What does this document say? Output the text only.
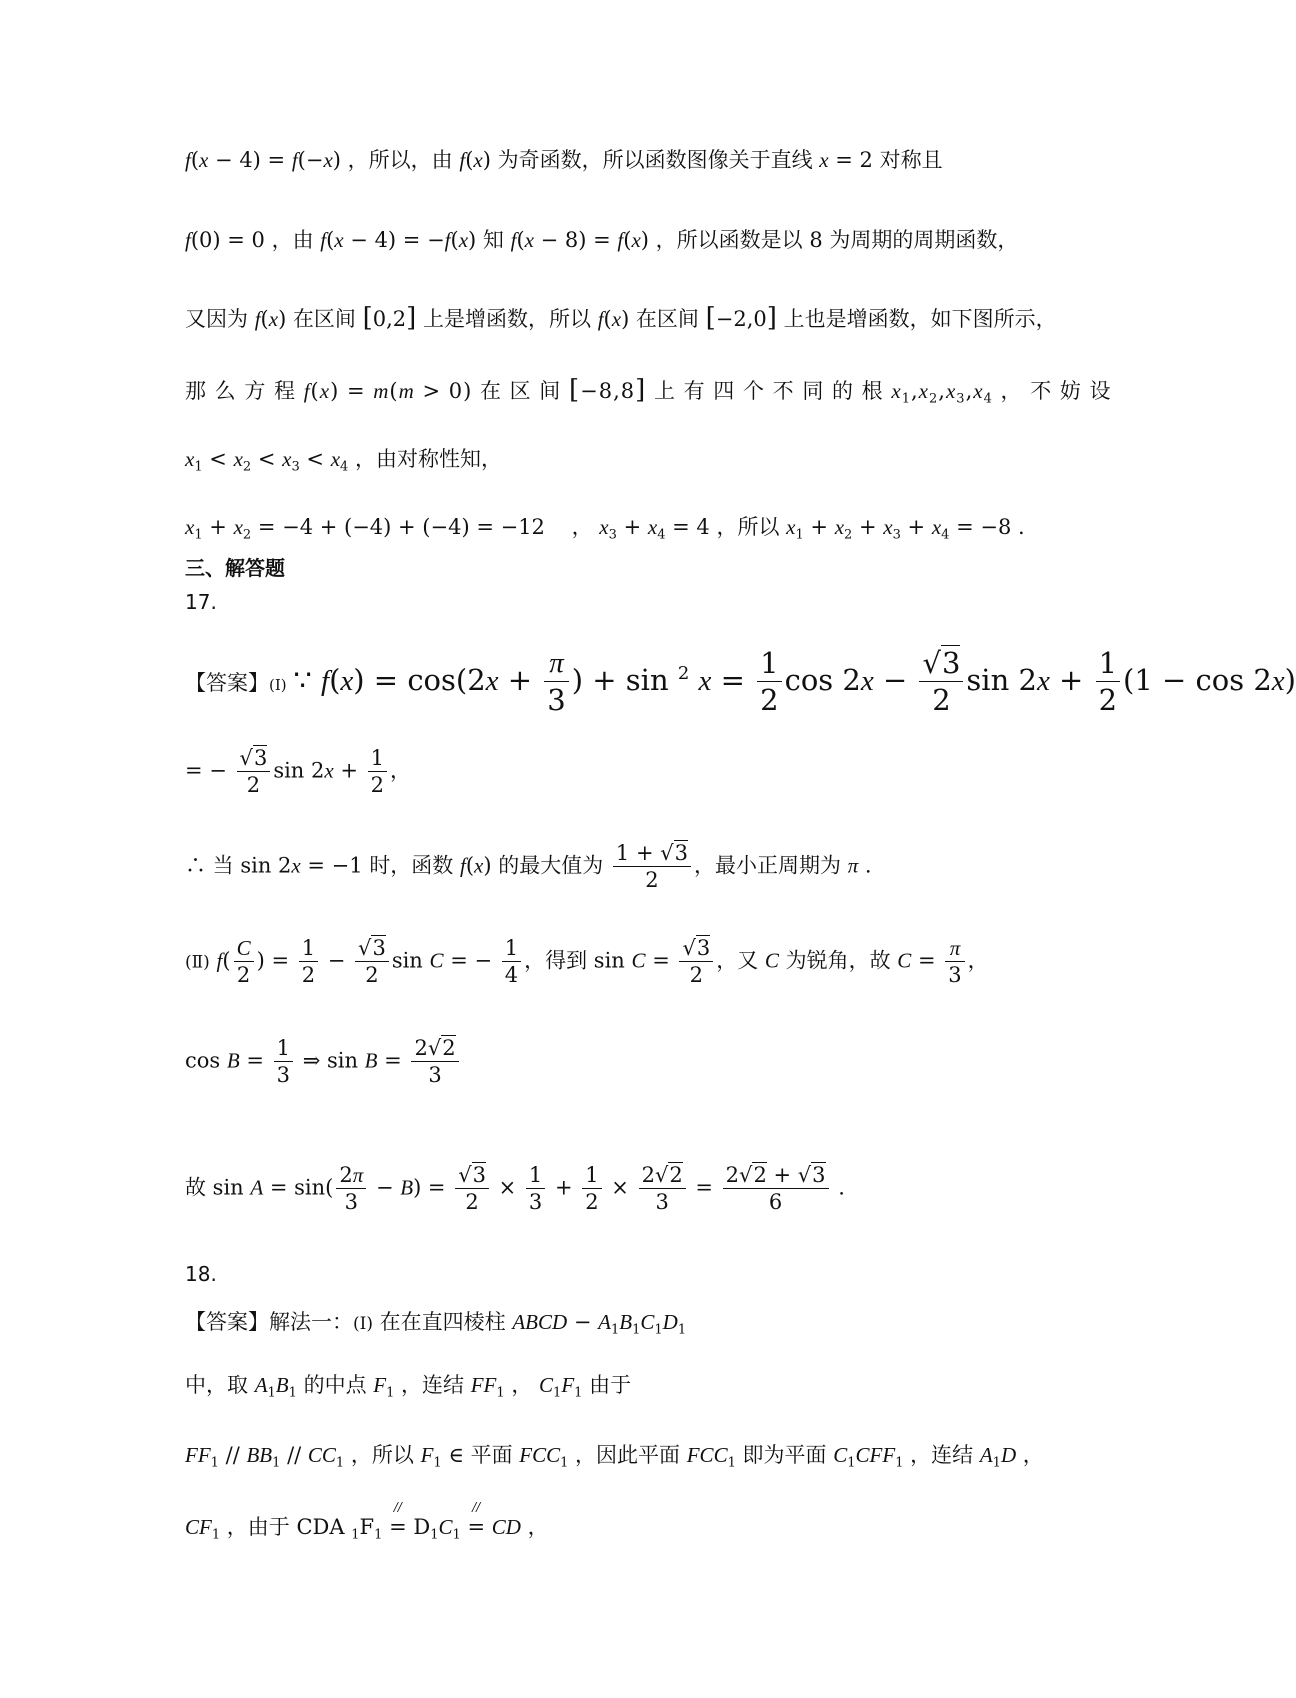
f(x − 4) = f(−x) ，所以，由 f(x) 为奇函数，所以函数图像关于直线 x = 2 对称且
f(0) = 0 ，由 f(x − 4) = −f(x) 知 f(x − 8) = f(x) ，所以函数是以 8 为周期的周期函数，
又因为 f(x) 在区间 [0,2] 上是增函数，所以 f(x) 在区间 [−2,0] 上也是增函数，如下图所示，
那 么 方 程 f(x) = m(m > 0) 在 区 间 [−8,8] 上 有 四 个 不 同 的 根 $x_1,x_2,x_3,x_4$ ， 不 妨 设
$x_1 < x_2 < x_3 < x_4$ ，由对称性知，
$x_1 + x_2 = -4 + (-4) + (-4) = -12$    ， $x_3 + x_4 = 4$ ，所以 $x_1 + x_2 + x_3 + x_4 = -8$ .
三、解答题
17.
【答案】(Ⅰ) ∵ $f(x) = \cos(2x + \frac{\pi}{3}$ ) + sin $^2$ $x = \frac{1}{2}$ $\cos 2x - \frac{√3}{2}$ $\sin 2x + \frac{1}{2} (1 - \cos 2x)$
= − $\frac{√3}{2}$ $\sin 2x + \frac{1}{2}$ ，
∴ 当 sin 2x = −1 时，函数 f(x) 的最大值为 $\frac{1 + √3}{2}$ ，最小正周期为 π .
(Ⅱ) $f( \frac{C}{2}$ ) = $\frac{1}{2} - \frac{√3}{2}$ sin C = − $\frac{1}{4}$ ，得到 $\sin C = \frac{√3}{2}$ ，又 C 为锐角，故 $C = \frac{\pi}{3}$ ，
$\cos B = \frac{1}{3}$ ⇒ $\sin B = \frac{2√2}{3}$
故 $\sin A = \sin( \frac{2\pi}{3} - B) = \frac{√3}{2} \times \frac{1}{3} + \frac{1}{2} \times \frac{2√2}{3} = \frac{2√2 + √3}{6}$ .
18.
【答案】解法一：(Ⅰ) 在在直四棱柱 ABCD − $A_1B_1C_1D_1$
中，取 $A_1B_1$ 的中点 $F_1$ ，连结 $FF_1$ ， $C_1F_1$ 由于
$FF_1 // BB_1 // CC_1$ ，所以 $F_1$ ∈ 平面 $FCC_1$ ，因此平面 $FCC_1$ 即为平面 $C_1CFF_1$ ，连结 $A_1D$ ，
$CF_1$ ，由于 CDA $_1F_1$ =
//
$D_1C_1$ =
//
CD ，
